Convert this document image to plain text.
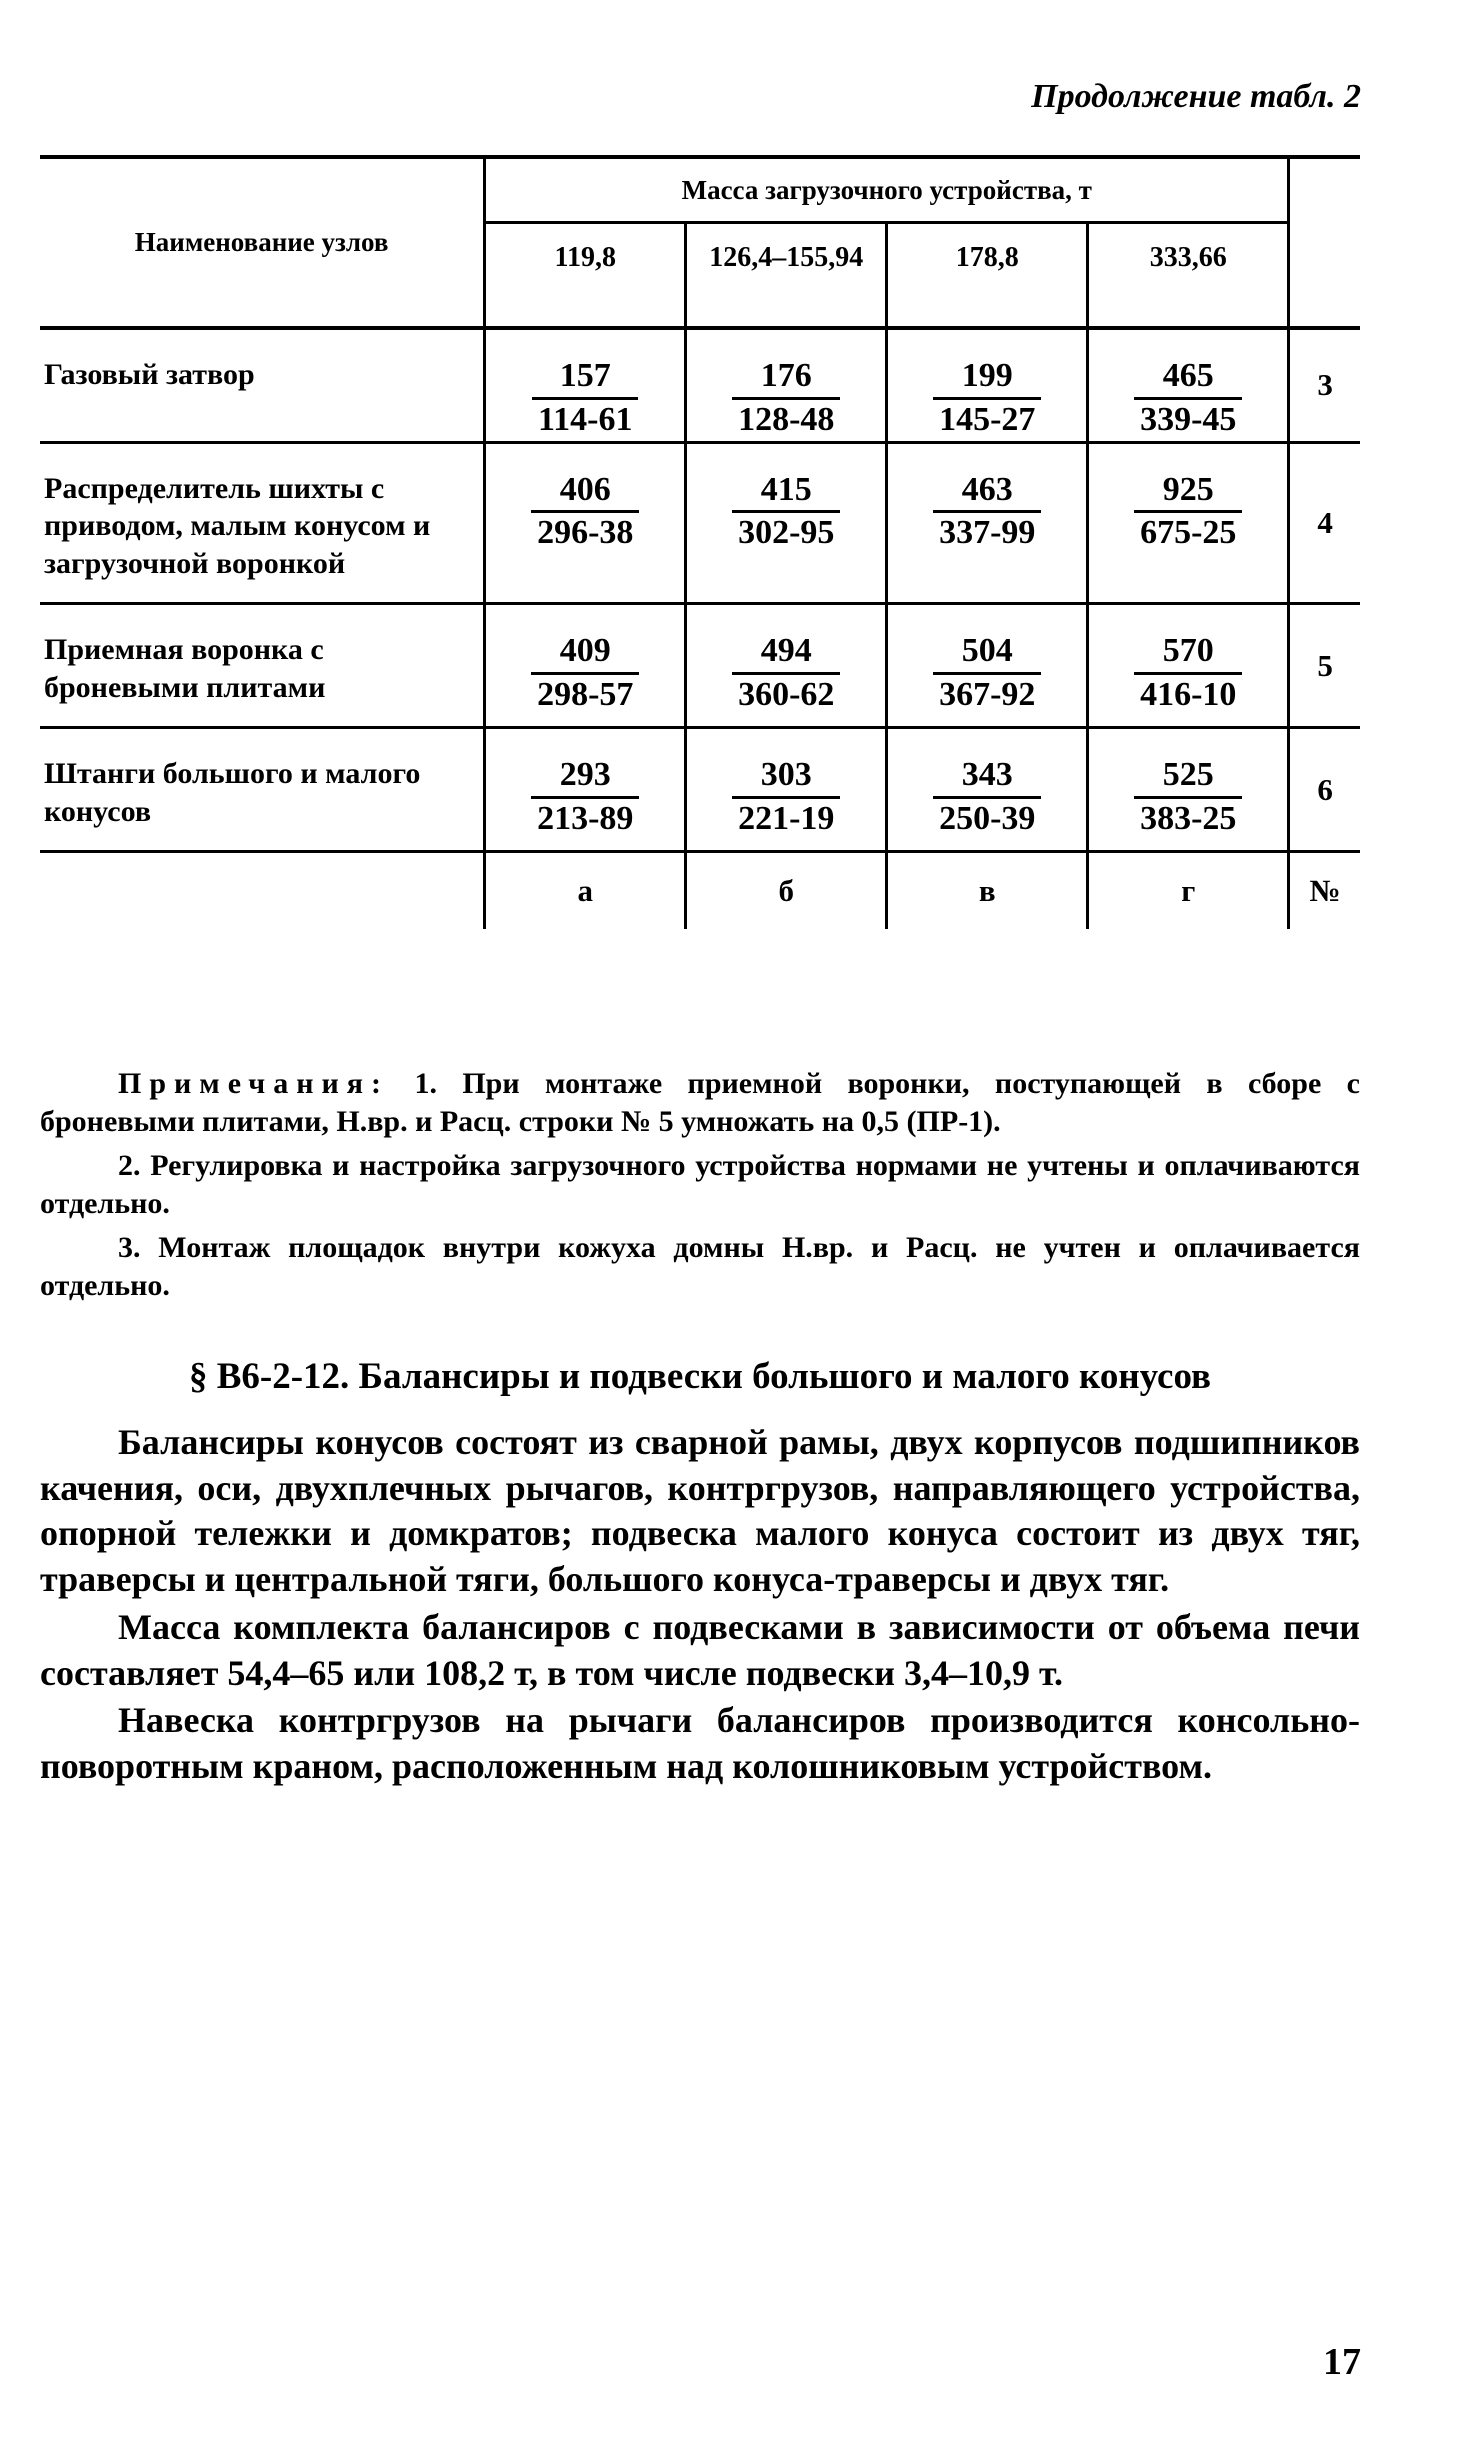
Продолжение табл. 2
Наименование узлов	Масса загрузочного устройства, т				
	119,8	126,4–155,94	178,8	333,66	
Газовый затвор	$\frac{157}{114-61}$	$\frac{176}{128-48}$	$\frac{199}{145-27}$	$\frac{465}{339-45}$	3
Распределитель шихты с приводом, малым конусом и загрузочной воронкой	$\frac{406}{296-38}$	$\frac{415}{302-95}$	$\frac{463}{337-99}$	$\frac{925}{675-25}$	4
Приемная воронка с броневыми плитами	$\frac{409}{298-57}$	$\frac{494}{360-62}$	$\frac{504}{367-92}$	$\frac{570}{416-10}$	5
Штанги большого и малого конусов	$\frac{293}{213-89}$	$\frac{303}{221-19}$	$\frac{343}{250-39}$	$\frac{525}{383-25}$	6
	а	б	в	г	№

Примечания: 1. При монтаже приемной воронки, поступающей в сборе с броневыми плитами, Н.вр. и Расц. строки № 5 умножать на 0,5 (ПР-1).

2. Регулировка и настройка загрузочного устройства нормами не учтены и оплачиваются отдельно.

3. Монтаж площадок внутри кожуха домны Н.вр. и Расц. не учтен и оплачивается отдельно.

§ В6-2-12. Балансиры и подвески большого и малого конусов

Балансиры конусов состоят из сварной рамы, двух корпусов подшипников качения, оси, двухплечных рычагов, контргрузов, направляющего устройства, опорной тележки и домкратов; подвеска малого конуса состоит из двух тяг, траверсы и центральной тяги, большого конуса-траверсы и двух тяг.

Масса комплекта балансиров с подвесками в зависимости от объема печи составляет 54,4–65 или 108,2 т, в том числе подвески 3,4–10,9 т.

Навеска контргрузов на рычаги балансиров производится консольно-поворотным краном, расположенным над колошниковым устройством.

17
